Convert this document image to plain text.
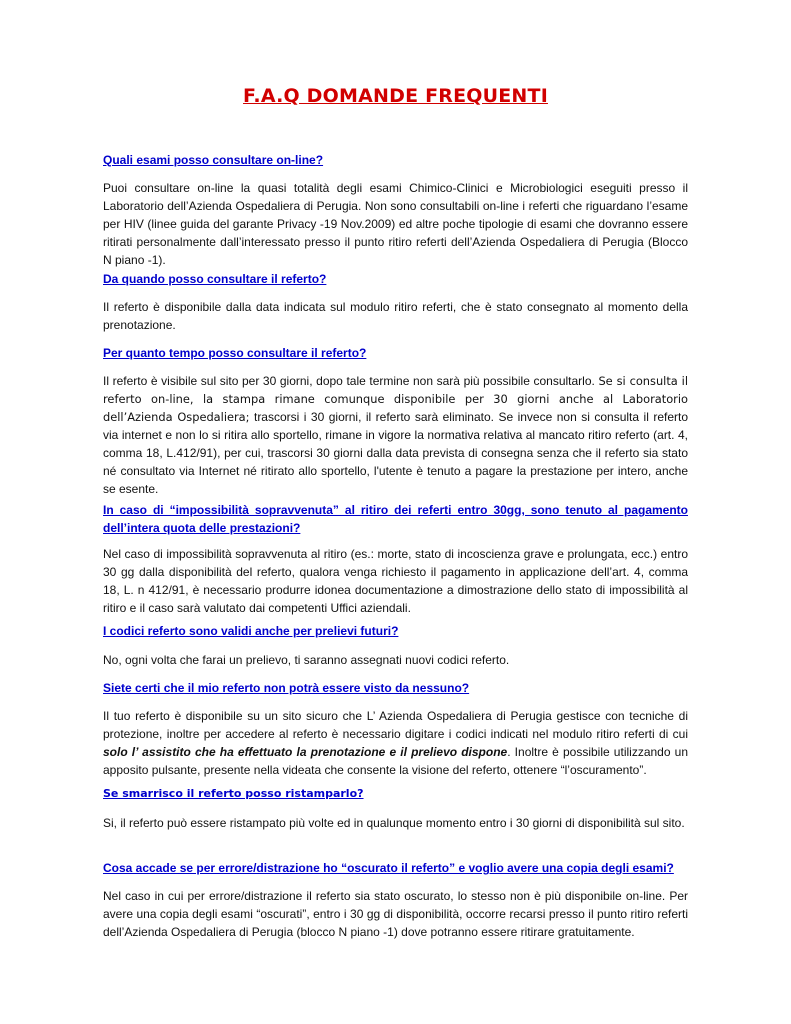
F.A.Q DOMANDE FREQUENTI

Quali esami posso consultare on-line?

Puoi consultare on-line la quasi totalità degli esami Chimico-Clinici e Microbiologici eseguiti presso il Laboratorio dell’Azienda Ospedaliera di Perugia. Non sono consultabili on-line i referti che riguardano l’esame per HIV (linee guida del garante Privacy -19 Nov.2009) ed altre poche tipologie di esami che dovranno essere ritirati personalmente dall’interessato presso il punto ritiro referti dell’Azienda Ospedaliera di Perugia (Blocco N piano -1).

Da quando posso consultare il referto?

Il referto è disponibile dalla data indicata sul modulo ritiro referti, che è stato consegnato al momento della prenotazione.

Per quanto tempo posso consultare il referto?

Il referto è visibile sul sito per 30 giorni, dopo tale termine non sarà più possibile consultarlo. Se si consulta il referto on-line, la stampa rimane comunque disponibile per 30 giorni anche al Laboratorio dell’Azienda Ospedaliera; trascorsi i 30 giorni, il referto sarà eliminato. Se invece non si consulta il referto via internet e non lo si ritira allo sportello, rimane in vigore la normativa relativa al mancato ritiro referto (art. 4, comma 18, L.412/91), per cui, trascorsi 30 giorni dalla data prevista di consegna senza che il referto sia stato né consultato via Internet né ritirato allo sportello, l'utente è tenuto a pagare la prestazione per intero, anche se esente.

In caso di “impossibilità sopravvenuta” al ritiro dei referti entro 30gg, sono tenuto al pagamento dell’intera quota delle prestazioni?

Nel caso di impossibilità sopravvenuta al ritiro (es.: morte, stato di incoscienza grave e prolungata, ecc.) entro 30 gg dalla disponibilità del referto, qualora venga richiesto il pagamento in applicazione dell’art. 4, comma 18, L. n 412/91, è necessario produrre idonea documentazione a dimostrazione dello stato di impossibilità al ritiro e il caso sarà valutato dai competenti Uffici aziendali.

I codici referto sono validi anche per prelievi futuri?

No, ogni volta che farai un prelievo, ti saranno assegnati nuovi codici referto.

Siete certi che il mio referto non potrà essere visto da nessuno?

Il tuo referto è disponibile su un sito sicuro che L’ Azienda Ospedaliera di Perugia gestisce con tecniche di protezione, inoltre per accedere al referto è necessario digitare i codici indicati nel modulo ritiro referti di cui solo l’ assistito che ha effettuato la prenotazione e il prelievo dispone. Inoltre è possibile utilizzando un apposito pulsante, presente nella videata che consente la visione del referto, ottenere “l’oscuramento”.

Se smarrisco il referto posso ristamparlo?

Si, il referto può essere ristampato più volte ed in qualunque momento entro i 30 giorni di disponibilità sul sito.

Cosa accade se per errore/distrazione ho “oscurato il referto” e voglio avere una copia degli esami?

Nel caso in cui per errore/distrazione il referto sia stato oscurato, lo stesso non è più disponibile on-line. Per avere una copia degli esami “oscurati”, entro i 30 gg di disponibilità, occorre recarsi presso il punto ritiro referti dell’Azienda Ospedaliera di Perugia (blocco N piano -1) dove potranno essere ritirare gratuitamente.
